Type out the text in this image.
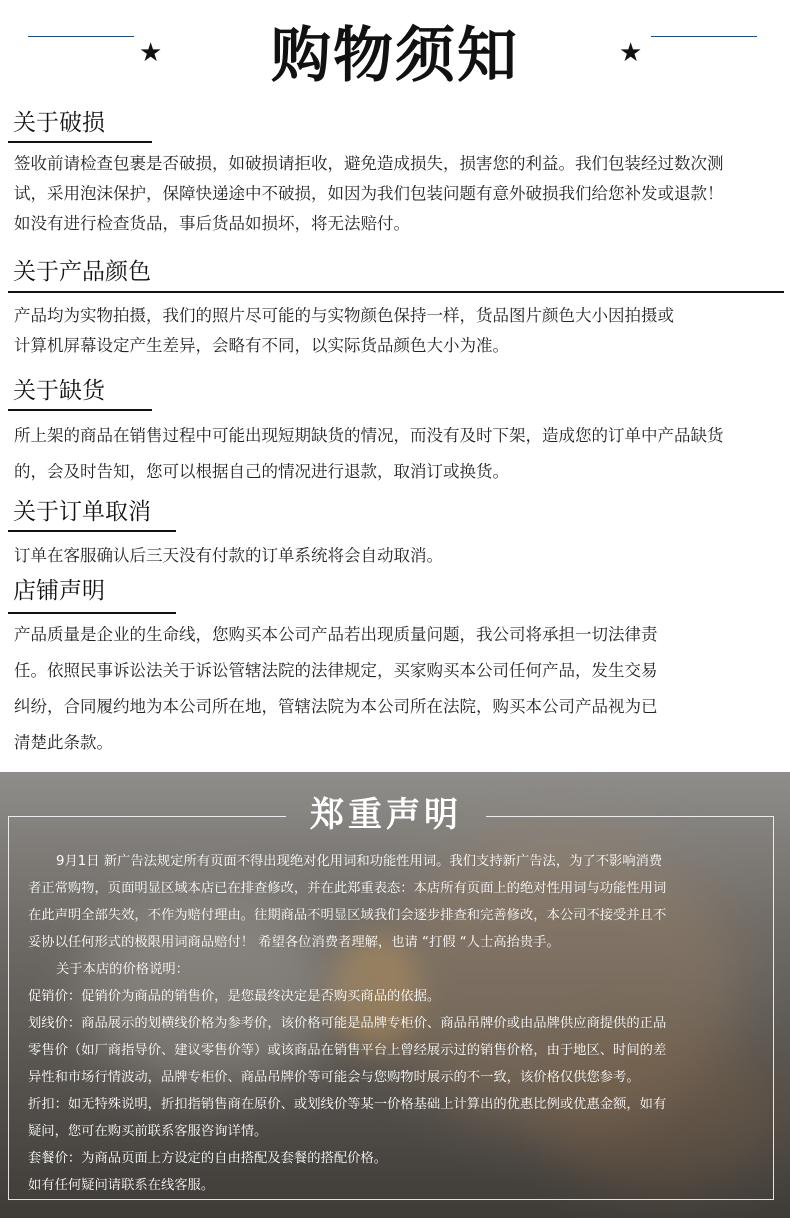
★	★
购物须知
关于破损
签收前请检查包裹是否破损，如破损请拒收，避免造成损失，损害您的利益。我们包装经过数次测
试，采用泡沫保护，保障快递途中不破损，如因为我们包装问题有意外破损我们给您补发或退款！
如没有进行检查货品，事后货品如损坏，将无法赔付。
关于产品颜色
产品均为实物拍摄，我们的照片尽可能的与实物颜色保持一样，货品图片颜色大小因拍摄或
计算机屏幕设定产生差异，会略有不同，以实际货品颜色大小为准。
关于缺货
所上架的商品在销售过程中可能出现短期缺货的情况，而没有及时下架，造成您的订单中产品缺货
的，会及时告知，您可以根据自己的情况进行退款，取消订或换货。
关于订单取消
订单在客服确认后三天没有付款的订单系统将会自动取消。
店铺声明
产品质量是企业的生命线，您购买本公司产品若出现质量问题，我公司将承担一切法律责
任。依照民事诉讼法关于诉讼管辖法院的法律规定，买家购买本公司任何产品，发生交易
纠纷，合同履约地为本公司所在地，管辖法院为本公司所在法院，购买本公司产品视为已
清楚此条款。
郑重声明
9月1日 新广告法规定所有页面不得出现绝对化用词和功能性用词。我们支持新广告法，为了不影响消费
者正常购物，页面明显区域本店已在排查修改，并在此郑重表态：本店所有页面上的绝对性用词与功能性用词
在此声明全部失效，不作为赔付理由。往期商品不明显区域我们会逐步排查和完善修改，本公司不接受并且不
妥协以任何形式的极限用词商品赔付！ 希望各位消费者理解，也请 “打假 “人士高抬贵手。
关于本店的价格说明：
促销价：促销价为商品的销售价，是您最终决定是否购买商品的依据。
划线价：商品展示的划横线价格为参考价，该价格可能是品牌专柜价、商品吊牌价或由品牌供应商提供的正品
零售价（如厂商指导价、建议零售价等）或该商品在销售平台上曾经展示过的销售价格，由于地区、时间的差
异性和市场行情波动，品牌专柜价、商品吊牌价等可能会与您购物时展示的不一致，该价格仅供您参考。
折扣：如无特殊说明，折扣指销售商在原价、或划线价等某一价格基础上计算出的优惠比例或优惠金额，如有
疑问，您可在购买前联系客服咨询详情。
套餐价：为商品页面上方设定的自由搭配及套餐的搭配价格。
如有任何疑问请联系在线客服。
